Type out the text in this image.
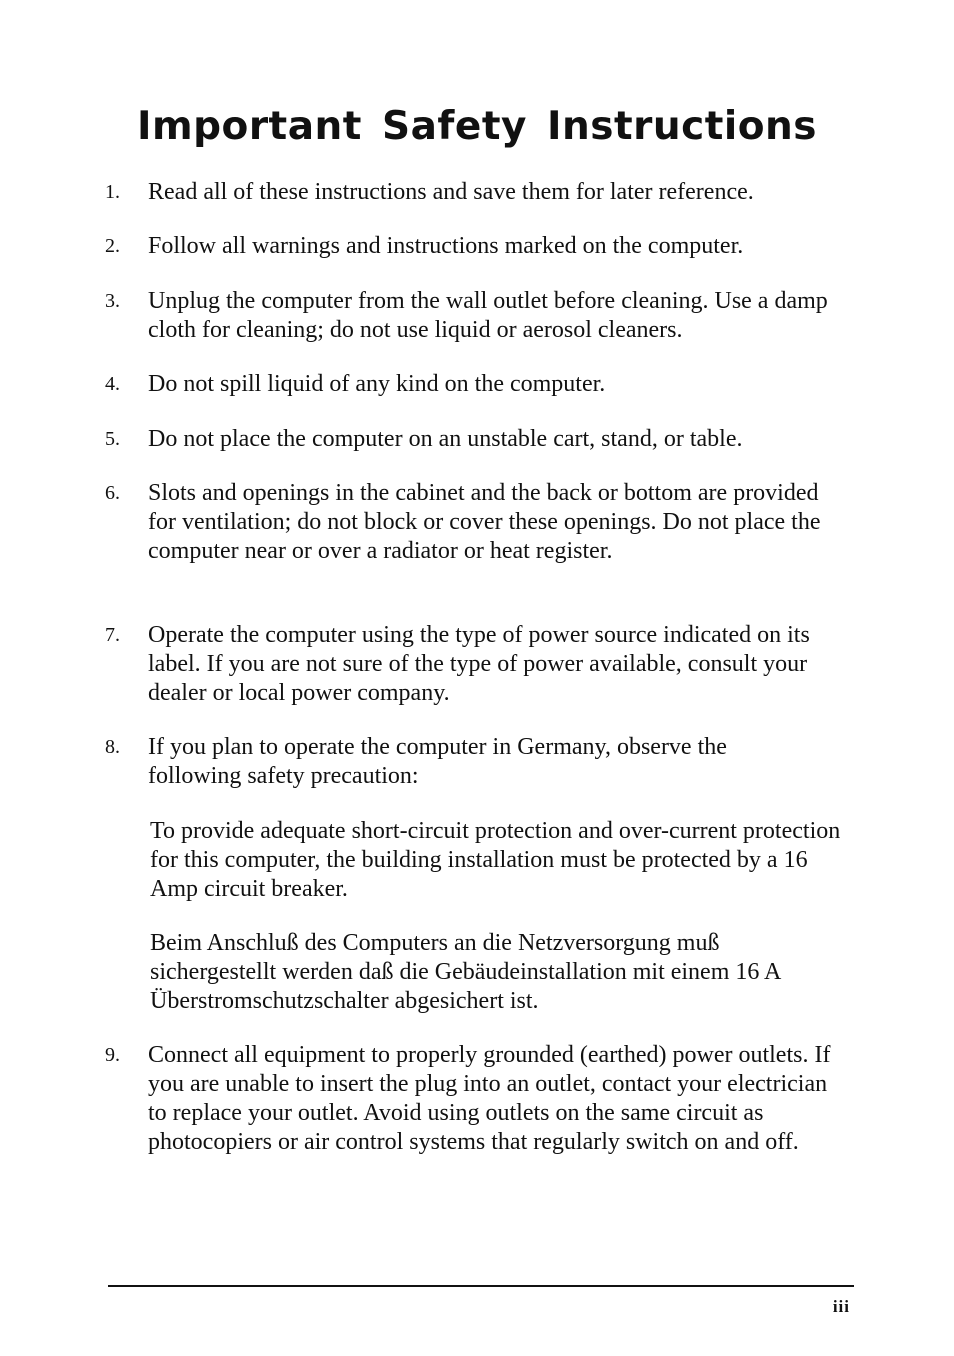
Important Safety Instructions
1. Read all of these instructions and save them for later reference.
2. Follow all warnings and instructions marked on the computer.
3. Unplug the computer from the wall outlet before cleaning. Use a damp cloth for cleaning; do not use liquid or aerosol cleaners.
4. Do not spill liquid of any kind on the computer.
5. Do not place the computer on an unstable cart, stand, or table.
6. Slots and openings in the cabinet and the back or bottom are provided for ventilation; do not block or cover these openings. Do not place the computer near or over a radiator or heat register.
7. Operate the computer using the type of power source indicated on its label. If you are not sure of the type of power available, consult your dealer or local power company.
8. If you plan to operate the computer in Germany, observe the following safety precaution:
To provide adequate short-circuit protection and over-current protection for this computer, the building installation must be protected by a 16 Amp circuit breaker.
Beim Anschluß des Computers an die Netzversorgung muß sichergestellt werden daß die Gebäudeinstallation mit einem 16 A Überstromschutzschalter abgesichert ist.
9. Connect all equipment to properly grounded (earthed) power outlets. If you are unable to insert the plug into an outlet, contact your electrician to replace your outlet. Avoid using outlets on the same circuit as photocopiers or air control systems that regularly switch on and off.
iii
